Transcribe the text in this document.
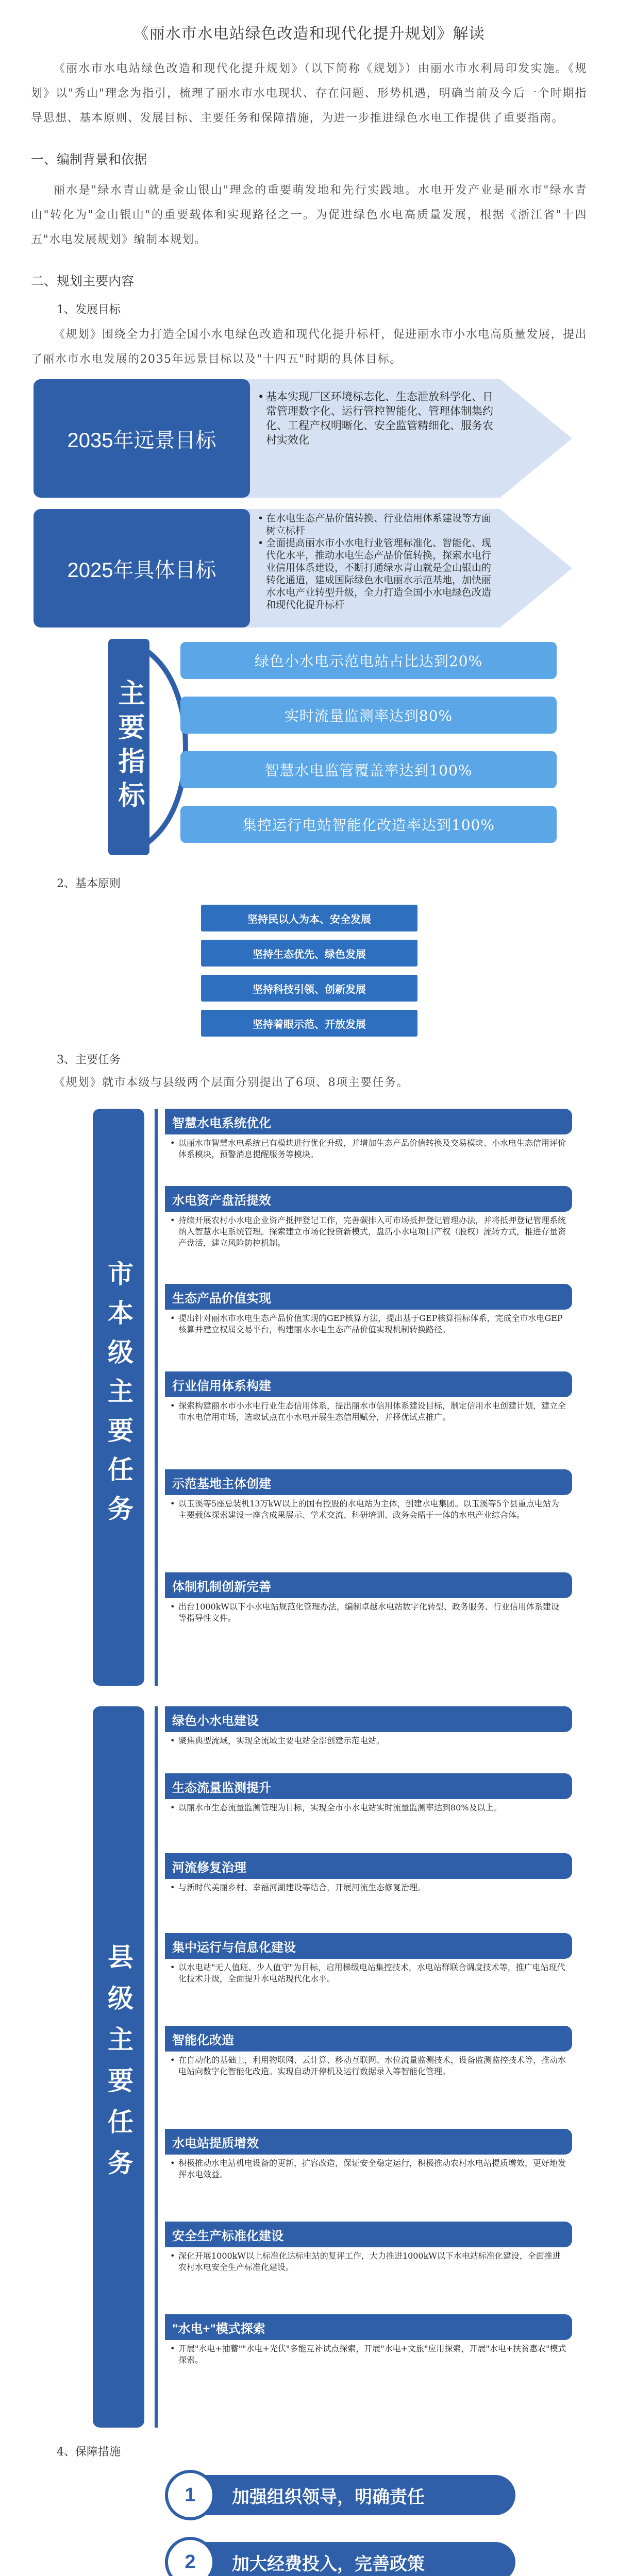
《丽水市水电站绿色改造和现代化提升规划》解读

《丽水市水电站绿色改造和现代化提升规划》（以下简称《规划》）由丽水市水利局印发实施。《规划》以"秀山"理念为指引，梳理了丽水市水电现状、存在问题、形势机遇，明确当前及今后一个时期指导思想、基本原则、发展目标、主要任务和保障措施，为进一步推进绿色水电工作提供了重要指南。

一、编制背景和依据

丽水是"绿水青山就是金山银山"理念的重要萌发地和先行实践地。水电开发产业是丽水市"绿水青山"转化为"金山银山"的重要载体和实现路径之一。为促进绿色水电高质量发展，根据《浙江省"十四五"水电发展规划》编制本规划。

二、规划主要内容
1、发展目标

《规划》围绕全力打造全国小水电绿色改造和现代化提升标杆，促进丽水市小水电高质量发展，提出了丽水市水电发展的2035年远景目标以及"十四五"时期的具体目标。

2035年远景目标
• 基本实现厂区环境标志化、生态泄放科学化、日常管理数字化、运行管控智能化、管理体制集约化、工程产权明晰化、安全监管精细化、服务农村实效化
2025年具体目标
• 在水电生态产品价值转换、行业信用体系建设等方面树立标杆
• 全面提高丽水市小水电行业管理标准化、智能化、现代化水平，推动水电生态产品价值转换，探索水电行业信用体系建设，不断打通绿水青山就是金山银山的转化通道，建成国际绿色水电丽水示范基地，加快丽水水电产业转型升级，全力打造全国小水电绿色改造和现代化提升标杆
主要指标
绿色小水电示范电站占比达到20%
实时流量监测率达到80%
智慧水电监管覆盖率达到100%
集控运行电站智能化改造率达到100%
2、基本原则
坚持民以人为本、安全发展
坚持生态优先、绿色发展
坚持科技引领、创新发展
坚持着眼示范、开放发展
3、主要任务

《规划》就市本级与县级两个层面分别提出了6项、8项主要任务。

市本级主要任务
智慧水电系统优化
• 以丽水市智慧水电系统已有模块进行优化升级，并增加生态产品价值转换及交易模块、小水电生态信用评价体系模块，预警消息提醒服务等模块。
水电资产盘活提效
• 持续开展农村小水电企业资产抵押登记工作，完善碳排入可市场抵押登记管理办法，并将抵押登记管理系统纳入智慧水电系统管理。探索建立市场化投资新模式，盘活小水电项目产权（股权）流转方式，推进存量资产盘活，建立风险防控机制。
生态产品价值实现
• 提出针对丽水市水电生态产品价值实现的GEP核算方法，提出基于GEP核算指标体系，完成全市水电GEP核算并建立权属交易平台，构建丽水水电生态产品价值实现机制转换路径。
行业信用体系构建
• 探索构建丽水市小水电行业生态信用体系，提出丽水市信用体系建设目标，制定信用水电创建计划，建立全市水电信用市场，选取试点在小水电开展生态信用赋分，并择优试点推广。
示范基地主体创建
• 以玉溪等5座总装机13万kW以上的国有控股的水电站为主体，创建水电集团。以玉溪等5个县重点电站为主要载体探索建设一座含成果展示、学术交流、科研培训、政务会晤于一体的水电产业综合体。
体制机制创新完善
• 出台1000kW以下小水电站规范化管理办法，编制卓越水电站数字化转型、政务服务、行业信用体系建设等指导性文件。
县级主要任务
绿色小水电建设
• 聚焦典型流域，实现全流域主要电站全部创建示范电站。
生态流量监测提升
• 以丽水市生态流量监测管理为目标，实现全市小水电站实时流量监测率达到80%及以上。
河流修复治理
• 与新时代美丽乡村、幸福河湖建设等结合，开展河流生态修复治理。
集中运行与信息化建设
• 以水电站"无人值班、少人值守"为目标，启用梯级电站集控技术，水电站群联合调度技术等，推广电站现代化技术升级，全面提升水电站现代化水平。
智能化改造
• 在自动化的基础上，利用物联网、云计算、移动互联网、水位流量监测技术，设备监测监控技术等，推动水电站向数字化智能化改造。实现自动开停机及运行数据录入等智能化管理。
水电站提质增效
• 积极推动水电站机电设备的更新，扩容改造，保证安全稳定运行，积极推动农村水电站提质增效，更好地发挥水电效益。
安全生产标准化建设
• 深化开展1000kW以上标准化达标电站的复评工作，大力推进1000kW以下水电站标准化建设，全面推进农村水电安全生产标准化建设。
"水电+"模式探索
• 开展"水电+抽蓄""水电+光伏"多能互补试点探索，开展"水电+文旅"应用探索，开展"水电+扶贫惠农"模式探索。
4、保障措施
加强组织领导，明确责任
1
加大经费投入，完善政策
2
